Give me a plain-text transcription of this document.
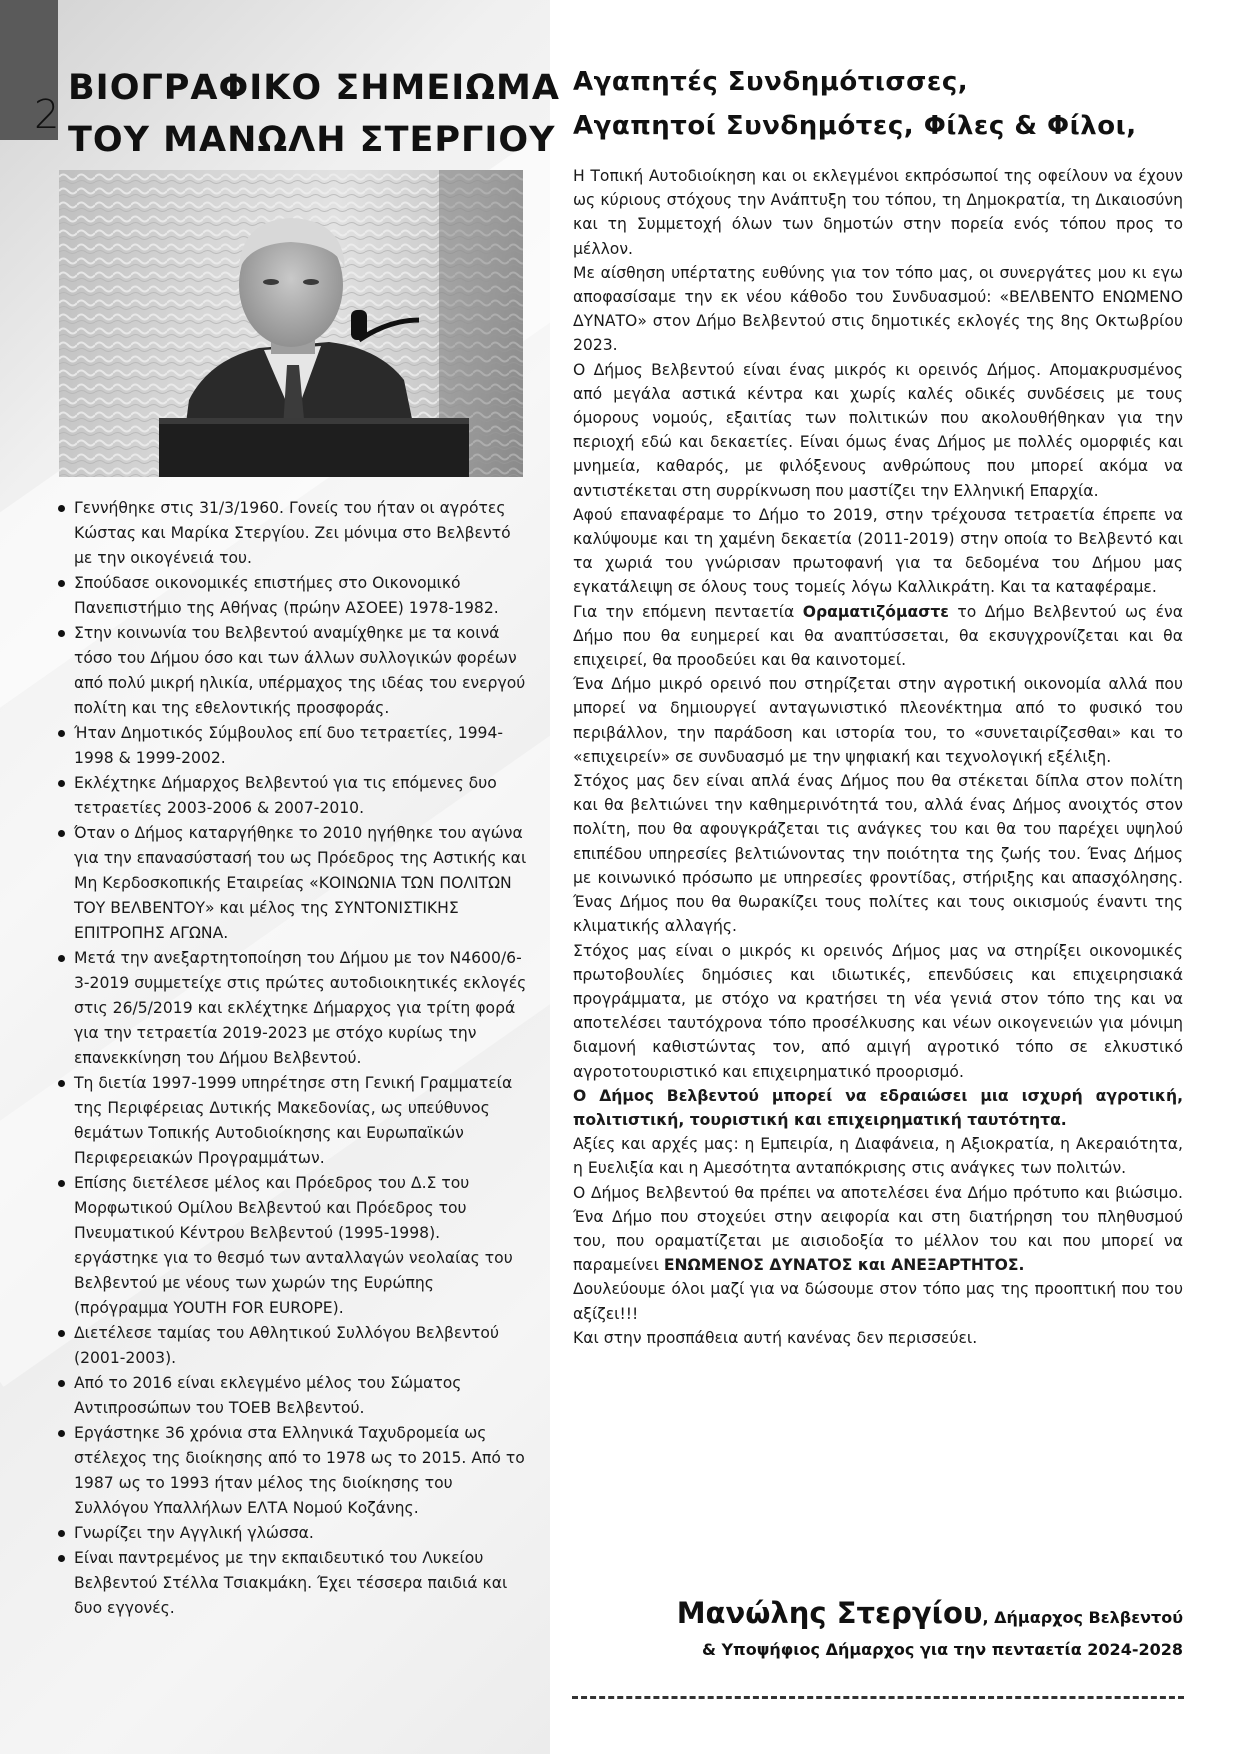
2
ΒΙΟΓΡΑΦΙΚΟ ΣΗΜΕΙΩΜΑ
ΤΟΥ ΜΑΝΩΛΗ ΣΤΕΡΓΙΟΥ
Γεννήθηκε στις 31/3/1960. Γονείς του ήταν οι αγρότες Κώστας και Μαρίκα Στεργίου. Ζει μόνιμα στο Βελβεντό με την οικογένειά του.
Σπούδασε οικονομικές επιστήμες στο Οικονομικό Πανεπιστήμιο της Αθήνας (πρώην ΑΣΟΕΕ) 1978-1982.
Στην κοινωνία του Βελβεντού αναμίχθηκε με τα κοινά τόσο του Δήμου όσο και των άλλων συλλογικών φορέων από πολύ μικρή ηλικία, υπέρμαχος της ιδέας του ενεργού πολίτη και της εθελοντικής προσφοράς.
Ήταν Δημοτικός Σύμβουλος επί δυο τετραετίες, 1994-1998 & 1999-2002.
Εκλέχτηκε Δήμαρχος Βελβεντού για τις επόμενες δυο τετραετίες 2003-2006 & 2007-2010.
Όταν ο Δήμος καταργήθηκε το 2010 ηγήθηκε του αγώνα για την επανασύστασή του ως Πρόεδρος της Αστικής και Μη Κερδοσκοπικής Εταιρείας «ΚΟΙΝΩΝΙΑ ΤΩΝ ΠΟΛΙΤΩΝ ΤΟΥ ΒΕΛΒΕΝΤΟΥ» και μέλος της ΣΥΝΤΟΝΙΣΤΙΚΗΣ ΕΠΙΤΡΟΠΗΣ ΑΓΩΝΑ.
Μετά την ανεξαρτητοποίηση του Δήμου με τον Ν4600/6-3-2019 συμμετείχε στις πρώτες αυτοδιοικητικές εκλογές στις 26/5/2019 και εκλέχτηκε Δήμαρχος για τρίτη φορά για την τετραετία 2019-2023 με στόχο κυρίως την επανεκκίνηση του Δήμου Βελβεντού.
Τη διετία 1997-1999 υπηρέτησε στη Γενική Γραμματεία της Περιφέρειας Δυτικής Μακεδονίας, ως υπεύθυνος θεμάτων Τοπικής Αυτοδιοίκησης και Ευρωπαϊκών Περιφερειακών Προγραμμάτων.
Επίσης διετέλεσε μέλος και Πρόεδρος του Δ.Σ του Μορφωτικού Ομίλου Βελβεντού και Πρόεδρος του Πνευματικού Κέντρου Βελβεντού (1995-1998). εργάστηκε για το θεσμό των ανταλλαγών νεολαίας του Βελβεντού με νέους των χωρών της Ευρώπης (πρόγραμμα YOUTH FOR EUROPE).
Διετέλεσε ταμίας του Αθλητικού Συλλόγου Βελβεντού (2001-2003).
Από το 2016 είναι εκλεγμένο μέλος του Σώματος Αντιπροσώπων του ΤΟΕΒ Βελβεντού.
Εργάστηκε 36 χρόνια στα Ελληνικά Ταχυδρομεία ως στέλεχος της διοίκησης από το 1978 ως το 2015. Από το 1987 ως το 1993 ήταν μέλος της διοίκησης του Συλλόγου Υπαλλήλων ΕΛΤΑ Νομού Κοζάνης.
Γνωρίζει την Αγγλική γλώσσα.
Είναι παντρεμένος με την εκπαιδευτικό του Λυκείου Βελβεντού Στέλλα Τσιακμάκη. Έχει τέσσερα παιδιά και δυο εγγονές.
Αγαπητές Συνδημότισσες,
Αγαπητοί Συνδημότες, Φίλες & Φίλοι,

Η Τοπική Αυτοδιοίκηση και οι εκλεγμένοι εκπρόσωποί της οφείλουν να έχουν ως κύριους στόχους την Ανάπτυξη του τόπου, τη Δημοκρατία, τη Δικαιοσύνη και τη Συμμετοχή όλων των δημοτών στην πορεία ενός τόπου προς το μέλλον.

Με αίσθηση υπέρτατης ευθύνης για τον τόπο μας, οι συνεργάτες μου κι εγω αποφασίσαμε την εκ νέου κάθοδο του Συνδυασμού: «ΒΕΛΒΕΝΤΟ ΕΝΩΜΕΝΟ ΔΥΝΑΤΟ» στον Δήμο Βελβεντού στις δημοτικές εκλογές της 8ης Οκτωβρίου 2023.

Ο Δήμος Βελβεντού είναι ένας μικρός κι ορεινός Δήμος. Απομακρυσμένος από μεγάλα αστικά κέντρα και χωρίς καλές οδικές συνδέσεις με τους όμορους νομούς, εξαιτίας των πολιτικών που ακολουθήθηκαν για την περιοχή εδώ και δεκαετίες. Είναι όμως ένας Δήμος με πολλές ομορφιές και μνημεία, καθαρός, με φιλόξενους ανθρώπους που μπορεί ακόμα να αντιστέκεται στη συρρίκνωση που μαστίζει την Ελληνική Επαρχία.

Αφού επαναφέραμε το Δήμο το 2019, στην τρέχουσα τετραετία έπρεπε να καλύψουμε και τη χαμένη δεκαετία (2011-2019) στην οποία το Βελβεντό και τα χωριά του γνώρισαν πρωτοφανή για τα δεδομένα του Δήμου μας εγκατάλειψη σε όλους τους τομείς λόγω Καλλικράτη. Και τα καταφέραμε.

Για την επόμενη πενταετία Οραματιζόμαστε το Δήμο Βελβεντού ως ένα Δήμο που θα ευημερεί και θα αναπτύσσεται, θα εκσυγχρονίζεται και θα επιχειρεί, θα προοδεύει και θα καινοτομεί.

Ένα Δήμο μικρό ορεινό που στηρίζεται στην αγροτική οικονομία αλλά που μπορεί να δημιουργεί ανταγωνιστικό πλεονέκτημα από το φυσικό του περιβάλλον, την παράδοση και ιστορία του, το «συνεταιρίζεσθαι» και το «επιχειρείν» σε συνδυασμό με την ψηφιακή και τεχνολογική εξέλιξη.

Στόχος μας δεν είναι απλά ένας Δήμος που θα στέκεται δίπλα στον πολίτη και θα βελτιώνει την καθημερινότητά του, αλλά ένας Δήμος ανοιχτός στον πολίτη, που θα αφουγκράζεται τις ανάγκες του και θα του παρέχει υψηλού επιπέδου υπηρεσίες βελτιώνοντας την ποιότητα της ζωής του. Ένας Δήμος με κοινωνικό πρόσωπο με υπηρεσίες φροντίδας, στήριξης και απασχόλησης. Ένας Δήμος που θα θωρακίζει τους πολίτες και τους οικισμούς έναντι της κλιματικής αλλαγής.

Στόχος μας είναι ο μικρός κι ορεινός Δήμος μας να στηρίξει οικονομικές πρωτοβουλίες δημόσιες και ιδιωτικές, επενδύσεις και επιχειρησιακά προγράμματα, με στόχο να κρατήσει τη νέα γενιά στον τόπο της και να αποτελέσει ταυτόχρονα τόπο προσέλκυσης και νέων οικογενειών για μόνιμη διαμονή καθιστώντας τον, από αμιγή αγροτικό τόπο σε ελκυστικό αγροτοτουριστικό και επιχειρηματικό προορισμό.

Ο Δήμος Βελβεντού μπορεί να εδραιώσει μια ισχυρή αγροτική, πολιτιστική, τουριστική και επιχειρηματική ταυτότητα.

Αξίες και αρχές μας: η Εμπειρία, η Διαφάνεια, η Αξιοκρατία, η Ακεραιότητα, η Ευελιξία και η Αμεσότητα ανταπόκρισης στις ανάγκες των πολιτών.

Ο Δήμος Βελβεντού θα πρέπει να αποτελέσει ένα Δήμο πρότυπο και βιώσιμο. Ένα Δήμο που στοχεύει στην αειφορία και στη διατήρηση του πληθυσμού του, που οραματίζεται με αισιοδοξία το μέλλον του και που μπορεί να παραμείνει ΕΝΩΜΕΝΟΣ ΔΥΝΑΤΟΣ και ΑΝΕΞΑΡΤΗΤΟΣ.

Δουλεύουμε όλοι μαζί για να δώσουμε στον τόπο μας της προοπτική που του αξίζει!!!

Και στην προσπάθεια αυτή κανένας δεν περισσεύει.

Μανώλης Στεργίου, Δήμαρχος Βελβεντού
& Υποψήφιος Δήμαρχος για την πενταετία 2024-2028
